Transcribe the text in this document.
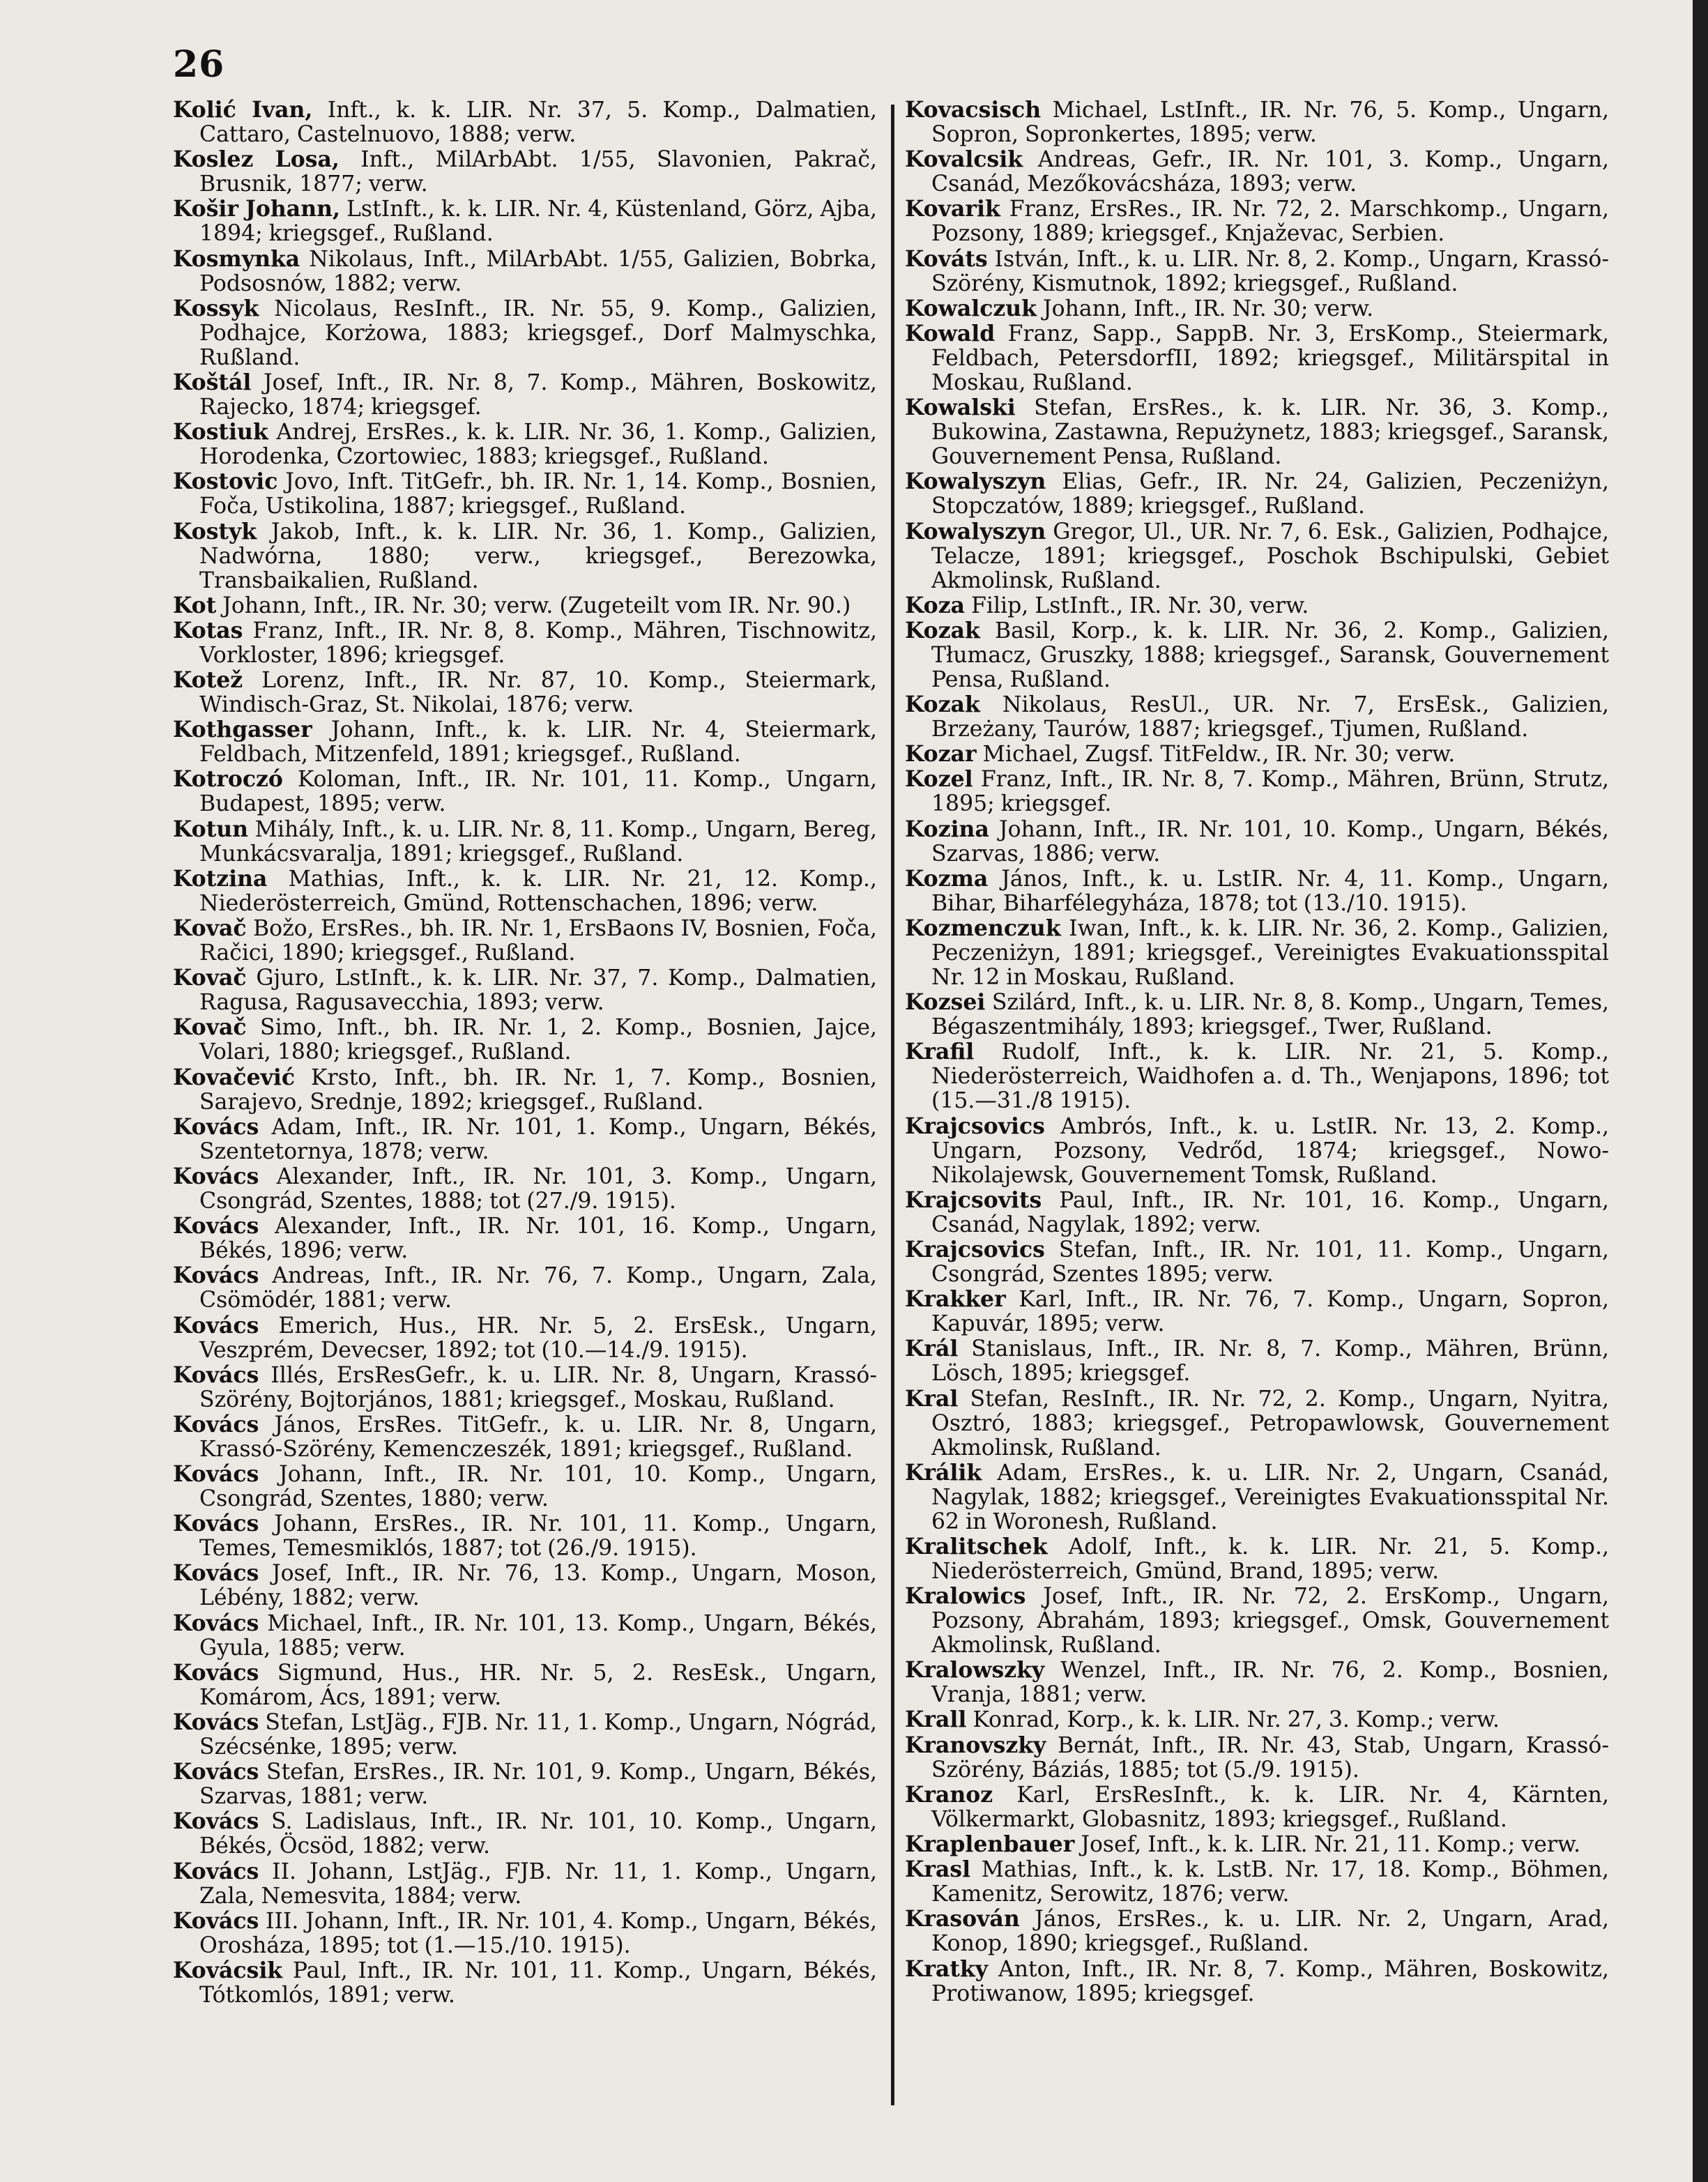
26
Kolić Ivan, Inft., k. k. LIR. Nr. 37, 5. Komp., Dalmatien, Cattaro, Castelnuovo, 1888; verw.
Koslez Losa, Inft., MilArbAbt. 1/55, Slavonien, Pakrač, Brusnik, 1877; verw.
Košir Johann, LstInft., k. k. LIR. Nr. 4, Küstenland, Görz, Ajba, 1894; kriegsgef., Rußland.
Kosmynka Nikolaus, Inft., MilArbAbt. 1/55, Galizien, Bobrka, Podsosnów, 1882; verw.
Kossyk Nicolaus, ResInft., IR. Nr. 55, 9. Komp., Galizien, Podhajce, Korżowa, 1883; kriegsgef., Dorf Malmyschka, Rußland.
Koštál Josef, Inft., IR. Nr. 8, 7. Komp., Mähren, Boskowitz, Rajecko, 1874; kriegsgef.
Kostiuk Andrej, ErsRes., k. k. LIR. Nr. 36, 1. Komp., Galizien, Horodenka, Czortowiec, 1883; kriegsgef., Rußland.
Kostovic Jovo, Inft. TitGefr., bh. IR. Nr. 1, 14. Komp., Bosnien, Foča, Ustikolina, 1887; kriegsgef., Rußland.
Kostyk Jakob, Inft., k. k. LIR. Nr. 36, 1. Komp., Galizien, Nadwórna, 1880; verw., kriegsgef., Berezowka, Transbaikalien, Rußland.
Kot Johann, Inft., IR. Nr. 30; verw. (Zugeteilt vom IR. Nr. 90.)
Kotas Franz, Inft., IR. Nr. 8, 8. Komp., Mähren, Tischnowitz, Vorkloster, 1896; kriegsgef.
Kotež Lorenz, Inft., IR. Nr. 87, 10. Komp., Steiermark, Windisch-Graz, St. Nikolai, 1876; verw.
Kothgasser Johann, Inft., k. k. LIR. Nr. 4, Steiermark, Feldbach, Mitzenfeld, 1891; kriegsgef., Rußland.
Kotroczó Koloman, Inft., IR. Nr. 101, 11. Komp., Ungarn, Budapest, 1895; verw.
Kotun Mihály, Inft., k. u. LIR. Nr. 8, 11. Komp., Ungarn, Bereg, Munkácsvaralja, 1891; kriegsgef., Rußland.
Kotzina Mathias, Inft., k. k. LIR. Nr. 21, 12. Komp., Niederösterreich, Gmünd, Rottenschachen, 1896; verw.
Kovač Božo, ErsRes., bh. IR. Nr. 1, ErsBaons IV, Bosnien, Foča, Račici, 1890; kriegsgef., Rußland.
Kovač Gjuro, LstInft., k. k. LIR. Nr. 37, 7. Komp., Dalmatien, Ragusa, Ragusavecchia, 1893; verw.
Kovač Simo, Inft., bh. IR. Nr. 1, 2. Komp., Bosnien, Jajce, Volari, 1880; kriegsgef., Rußland.
Kovačević Krsto, Inft., bh. IR. Nr. 1, 7. Komp., Bosnien, Sarajevo, Srednje, 1892; kriegsgef., Rußland.
Kovács Adam, Inft., IR. Nr. 101, 1. Komp., Ungarn, Békés, Szentetornya, 1878; verw.
Kovács Alexander, Inft., IR. Nr. 101, 3. Komp., Ungarn, Csongrád, Szentes, 1888; tot (27./9. 1915).
Kovács Alexander, Inft., IR. Nr. 101, 16. Komp., Ungarn, Békés, 1896; verw.
Kovács Andreas, Inft., IR. Nr. 76, 7. Komp., Ungarn, Zala, Csömödér, 1881; verw.
Kovács Emerich, Hus., HR. Nr. 5, 2. ErsEsk., Ungarn, Veszprém, Devecser, 1892; tot (10.—14./9. 1915).
Kovács Illés, ErsResGefr., k. u. LIR. Nr. 8, Ungarn, Krassó-Szörény, Bojtorjános, 1881; kriegsgef., Moskau, Rußland.
Kovács János, ErsRes. TitGefr., k. u. LIR. Nr. 8, Ungarn, Krassó-Szörény, Kemenczeszék, 1891; kriegsgef., Rußland.
Kovács Johann, Inft., IR. Nr. 101, 10. Komp., Ungarn, Csongrád, Szentes, 1880; verw.
Kovács Johann, ErsRes., IR. Nr. 101, 11. Komp., Ungarn, Temes, Temesmiklós, 1887; tot (26./9. 1915).
Kovács Josef, Inft., IR. Nr. 76, 13. Komp., Ungarn, Moson, Lébény, 1882; verw.
Kovács Michael, Inft., IR. Nr. 101, 13. Komp., Ungarn, Békés, Gyula, 1885; verw.
Kovács Sigmund, Hus., HR. Nr. 5, 2. ResEsk., Ungarn, Komárom, Ács, 1891; verw.
Kovács Stefan, LstJäg., FJB. Nr. 11, 1. Komp., Ungarn, Nógrád, Szécsénke, 1895; verw.
Kovács Stefan, ErsRes., IR. Nr. 101, 9. Komp., Ungarn, Békés, Szarvas, 1881; verw.
Kovács S. Ladislaus, Inft., IR. Nr. 101, 10. Komp., Ungarn, Békés, Öcsöd, 1882; verw.
Kovács II. Johann, LstJäg., FJB. Nr. 11, 1. Komp., Ungarn, Zala, Nemesvita, 1884; verw.
Kovács III. Johann, Inft., IR. Nr. 101, 4. Komp., Ungarn, Békés, Orosháza, 1895; tot (1.—15./10. 1915).
Kovácsik Paul, Inft., IR. Nr. 101, 11. Komp., Ungarn, Békés, Tótkomlós, 1891; verw.
Kovacsisch Michael, LstInft., IR. Nr. 76, 5. Komp., Ungarn, Sopron, Sopronkertes, 1895; verw.
Kovalcsik Andreas, Gefr., IR. Nr. 101, 3. Komp., Ungarn, Csanád, Mezőkovácsháza, 1893; verw.
Kovarik Franz, ErsRes., IR. Nr. 72, 2. Marschkomp., Ungarn, Pozsony, 1889; kriegsgef., Knjaževac, Serbien.
Kováts István, Inft., k. u. LIR. Nr. 8, 2. Komp., Ungarn, Krassó-Szörény, Kismutnok, 1892; kriegsgef., Rußland.
Kowalczuk Johann, Inft., IR. Nr. 30; verw.
Kowald Franz, Sapp., SappB. Nr. 3, ErsKomp., Steiermark, Feldbach, PetersdorfII, 1892; kriegsgef., Militärspital in Moskau, Rußland.
Kowalski Stefan, ErsRes., k. k. LIR. Nr. 36, 3. Komp., Bukowina, Zastawna, Repużynetz, 1883; kriegsgef., Saransk, Gouvernement Pensa, Rußland.
Kowalyszyn Elias, Gefr., IR. Nr. 24, Galizien, Peczeniżyn, Stopczatów, 1889; kriegsgef., Rußland.
Kowalyszyn Gregor, Ul., UR. Nr. 7, 6. Esk., Galizien, Podhajce, Telacze, 1891; kriegsgef., Poschok Bschipulski, Gebiet Akmolinsk, Rußland.
Koza Filip, LstInft., IR. Nr. 30, verw.
Kozak Basil, Korp., k. k. LIR. Nr. 36, 2. Komp., Galizien, Tłumacz, Gruszky, 1888; kriegsgef., Saransk, Gouvernement Pensa, Rußland.
Kozak Nikolaus, ResUl., UR. Nr. 7, ErsEsk., Galizien, Brzeżany, Taurów, 1887; kriegsgef., Tjumen, Rußland.
Kozar Michael, Zugsf. TitFeldw., IR. Nr. 30; verw.
Kozel Franz, Inft., IR. Nr. 8, 7. Komp., Mähren, Brünn, Strutz, 1895; kriegsgef.
Kozina Johann, Inft., IR. Nr. 101, 10. Komp., Ungarn, Békés, Szarvas, 1886; verw.
Kozma János, Inft., k. u. LstIR. Nr. 4, 11. Komp., Ungarn, Bihar, Biharfélegyháza, 1878; tot (13./10. 1915).
Kozmenczuk Iwan, Inft., k. k. LIR. Nr. 36, 2. Komp., Galizien, Peczeniżyn, 1891; kriegsgef., Vereinigtes Evakuationsspital Nr. 12 in Moskau, Rußland.
Kozsei Szilárd, Inft., k. u. LIR. Nr. 8, 8. Komp., Ungarn, Temes, Bégaszentmihály, 1893; kriegsgef., Twer, Rußland.
Krafil Rudolf, Inft., k. k. LIR. Nr. 21, 5. Komp., Niederösterreich, Waidhofen a. d. Th., Wenjapons, 1896; tot (15.—31./8 1915).
Krajcsovics Ambrós, Inft., k. u. LstIR. Nr. 13, 2. Komp., Ungarn, Pozsony, Vedrőd, 1874; kriegsgef., Nowo-Nikolajewsk, Gouvernement Tomsk, Rußland.
Krajcsovits Paul, Inft., IR. Nr. 101, 16. Komp., Ungarn, Csanád, Nagylak, 1892; verw.
Krajcsovics Stefan, Inft., IR. Nr. 101, 11. Komp., Ungarn, Csongrád, Szentes 1895; verw.
Krakker Karl, Inft., IR. Nr. 76, 7. Komp., Ungarn, Sopron, Kapuvár, 1895; verw.
Král Stanislaus, Inft., IR. Nr. 8, 7. Komp., Mähren, Brünn, Lösch, 1895; kriegsgef.
Kral Stefan, ResInft., IR. Nr. 72, 2. Komp., Ungarn, Nyitra, Osztró, 1883; kriegsgef., Petropawlowsk, Gouvernement Akmolinsk, Rußland.
Králik Adam, ErsRes., k. u. LIR. Nr. 2, Ungarn, Csanád, Nagylak, 1882; kriegsgef., Vereinigtes Evakuationsspital Nr. 62 in Woronesh, Rußland.
Kralitschek Adolf, Inft., k. k. LIR. Nr. 21, 5. Komp., Niederösterreich, Gmünd, Brand, 1895; verw.
Kralowics Josef, Inft., IR. Nr. 72, 2. ErsKomp., Ungarn, Pozsony, Ábrahám, 1893; kriegsgef., Omsk, Gouvernement Akmolinsk, Rußland.
Kralowszky Wenzel, Inft., IR. Nr. 76, 2. Komp., Bosnien, Vranja, 1881; verw.
Krall Konrad, Korp., k. k. LIR. Nr. 27, 3. Komp.; verw.
Kranovszky Bernát, Inft., IR. Nr. 43, Stab, Ungarn, Krassó-Szörény, Báziás, 1885; tot (5./9. 1915).
Kranoz Karl, ErsResInft., k. k. LIR. Nr. 4, Kärnten, Völkermarkt, Globasnitz, 1893; kriegsgef., Rußland.
Kraplenbauer Josef, Inft., k. k. LIR. Nr. 21, 11. Komp.; verw.
Krasl Mathias, Inft., k. k. LstB. Nr. 17, 18. Komp., Böhmen, Kamenitz, Serowitz, 1876; verw.
Krasován János, ErsRes., k. u. LIR. Nr. 2, Ungarn, Arad, Konop, 1890; kriegsgef., Rußland.
Kratky Anton, Inft., IR. Nr. 8, 7. Komp., Mähren, Boskowitz, Protiwanow, 1895; kriegsgef.
